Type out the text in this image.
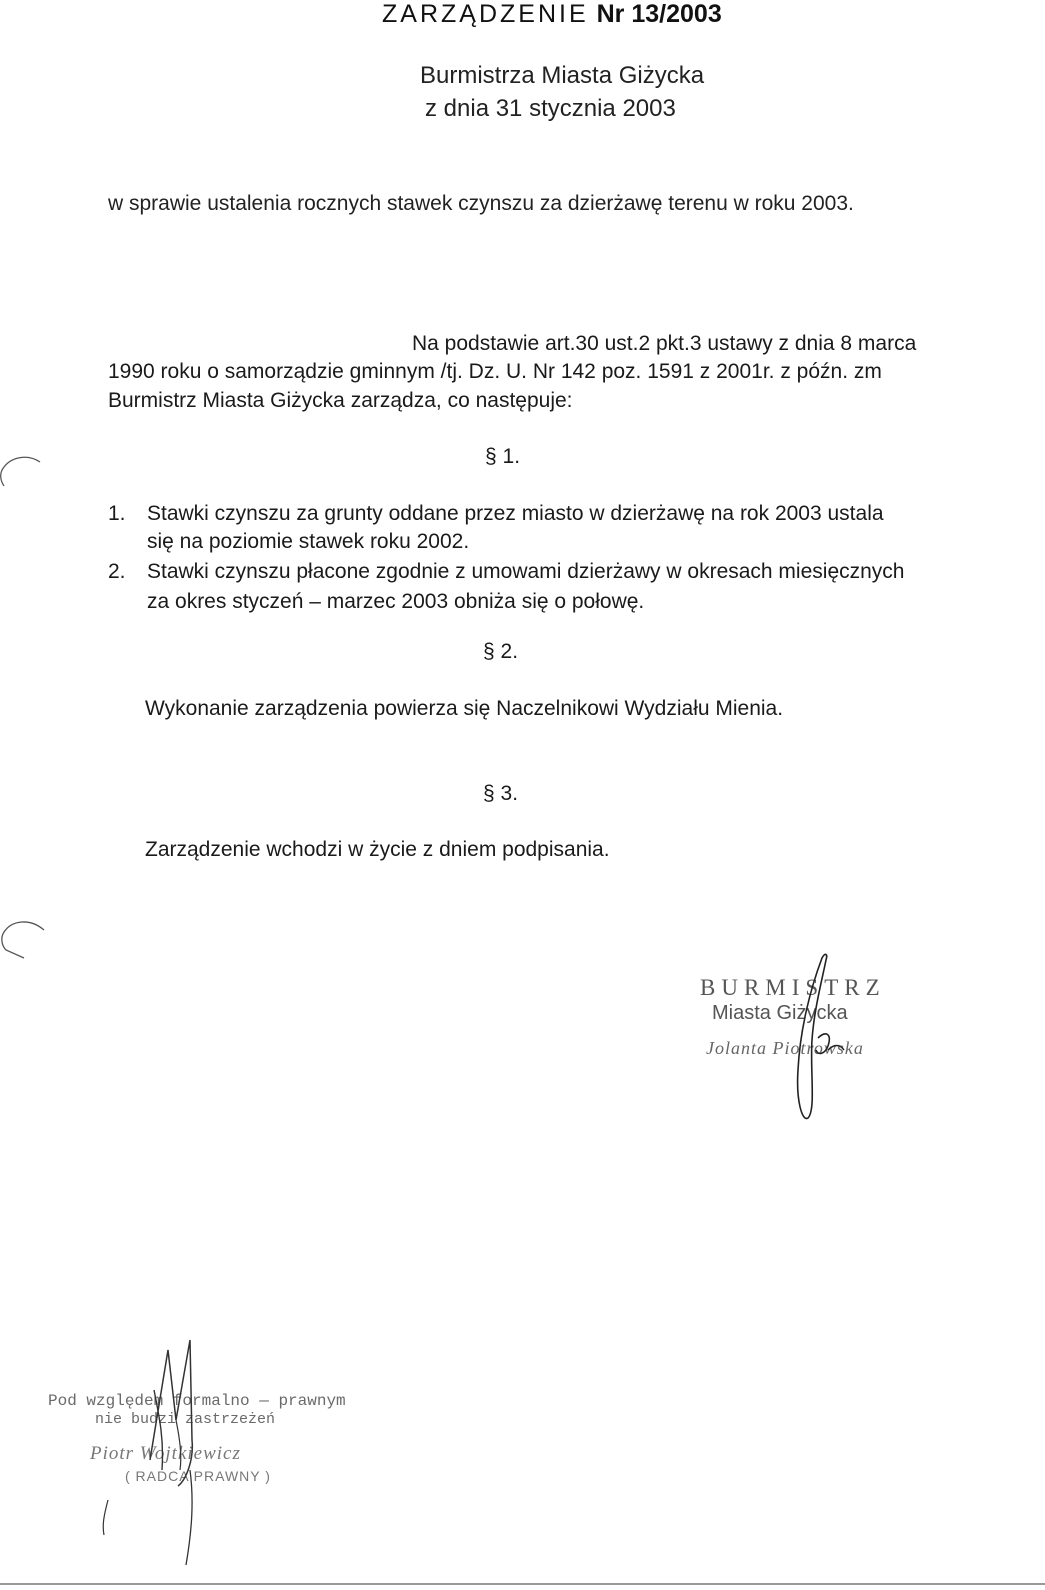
ZARZĄDZENIE Nr 13/2003
Burmistrza Miasta Giżycka
z dnia 31 stycznia 2003
w sprawie ustalenia rocznych stawek czynszu za dzierżawę terenu w roku 2003.
Na podstawie art.30 ust.2 pkt.3 ustawy z dnia 8 marca
1990 roku o samorządzie gminnym /tj. Dz. U. Nr 142 poz. 1591 z 2001r. z późn. zm
Burmistrz Miasta Giżycka zarządza, co następuje:
§ 1.
1. Stawki czynszu za grunty oddane przez miasto w dzierżawę na rok 2003 ustala
się na poziomie stawek roku 2002.
2. Stawki czynszu płacone zgodnie z umowami dzierżawy w okresach miesięcznych
za okres styczeń – marzec 2003 obniża się o połowę.
§ 2.
Wykonanie zarządzenia powierza się Naczelnikowi Wydziału Mienia.
§ 3.
Zarządzenie wchodzi w życie z dniem podpisania.
BURMISTRZ
Miasta Giżycka
Jolanta Piotrowska
Pod względem formalno — prawnym
nie budzi zastrzeżeń
Piotr Wojtkiewicz
( RADCA PRAWNY )
